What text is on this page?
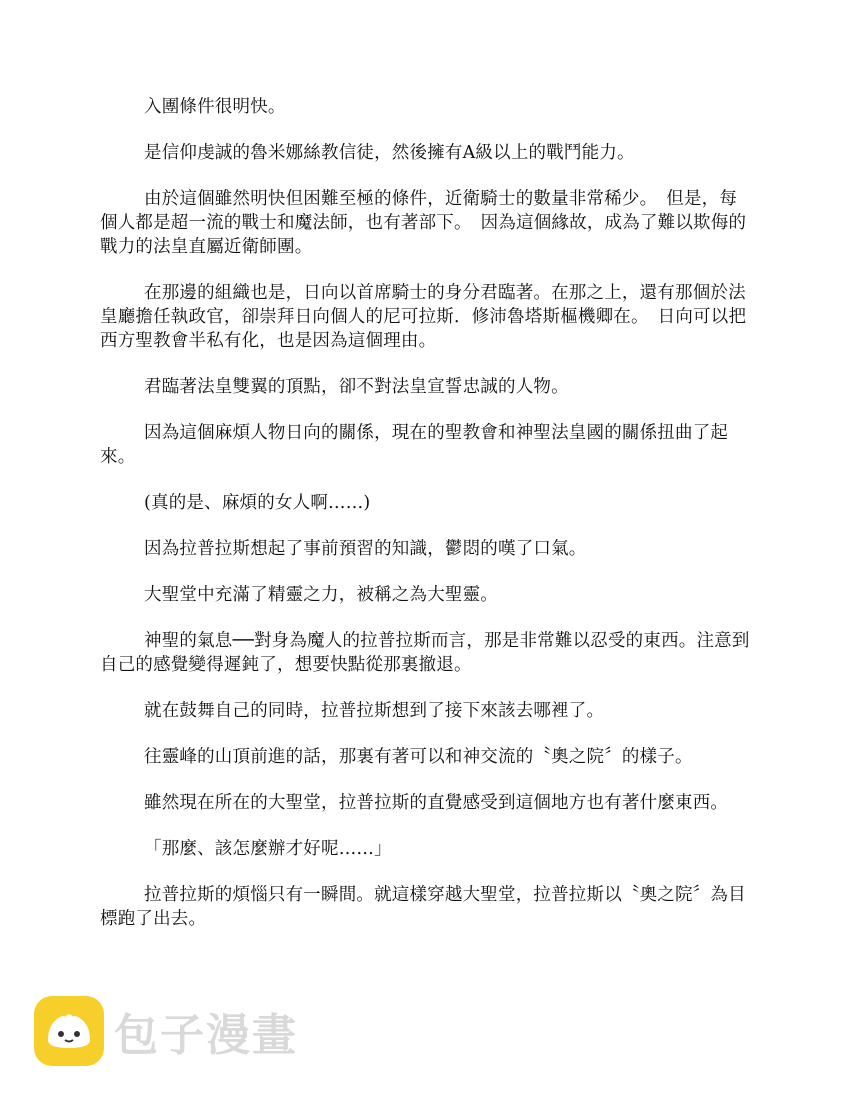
入團條件很明快。

是信仰虔誠的魯米娜絲教信徒，然後擁有A級以上的戰鬥能力。

由於這個雖然明快但困難至極的條件，近衛騎士的數量非常稀少。　但是，每個人都是超一流的戰士和魔法師，也有著部下。　因為這個緣故，成為了難以欺侮的戰力的法皇直屬近衛師團。

在那邊的組織也是，日向以首席騎士的身分君臨著。在那之上，還有那個於法皇廳擔任執政官，卻崇拜日向個人的尼可拉斯．修沛魯塔斯樞機卿在。　日向可以把西方聖教會半私有化，也是因為這個理由。

君臨著法皇雙翼的頂點，卻不對法皇宣誓忠誠的人物。

因為這個麻煩人物日向的關係，現在的聖教會和神聖法皇國的關係扭曲了起來。

(真的是、麻煩的女人啊……)

因為拉普拉斯想起了事前預習的知識，鬱悶的嘆了口氣。

大聖堂中充滿了精靈之力，被稱之為大聖靈。

神聖的氣息──對身為魔人的拉普拉斯而言，那是非常難以忍受的東西。注意到自己的感覺變得遲鈍了，想要快點從那裏撤退。

就在鼓舞自己的同時，拉普拉斯想到了接下來該去哪裡了。

往靈峰的山頂前進的話，那裏有著可以和神交流的〝奧之院〞的樣子。

雖然現在所在的大聖堂，拉普拉斯的直覺感受到這個地方也有著什麼東西。

「那麼、該怎麼辦才好呢……」

拉普拉斯的煩惱只有一瞬間。就這樣穿越大聖堂，拉普拉斯以〝奧之院〞為目標跑了出去。

包子漫畫
